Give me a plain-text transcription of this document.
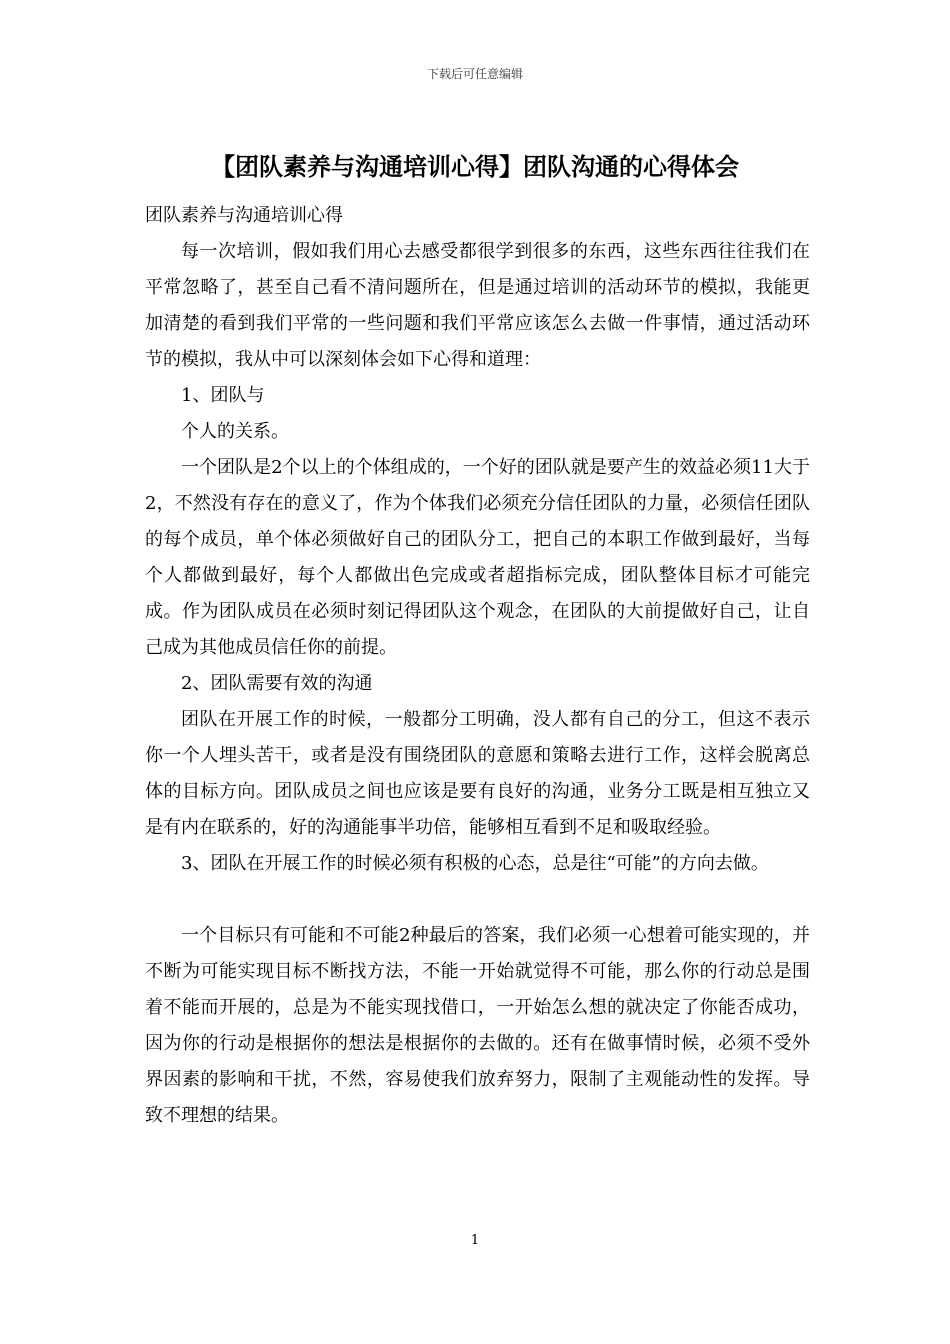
下载后可任意编辑
【团队素养与沟通培训心得】团队沟通的心得体会

团队素养与沟通培训心得

每一次培训，假如我们用心去感受都很学到很多的东西，这些东西往往我们在平常忽略了，甚至自己看不清问题所在，但是通过培训的活动环节的模拟，我能更加清楚的看到我们平常的一些问题和我们平常应该怎么去做一件事情，通过活动环节的模拟，我从中可以深刻体会如下心得和道理：

1、团队与

个人的关系。

一个团队是2个以上的个体组成的，一个好的团队就是要产生的效益必须11大于2，不然没有存在的意义了，作为个体我们必须充分信任团队的力量，必须信任团队的每个成员，单个体必须做好自己的团队分工，把自己的本职工作做到最好，当每个人都做到最好，每个人都做出色完成或者超指标完成，团队整体目标才可能完成。作为团队成员在必须时刻记得团队这个观念，在团队的大前提做好自己，让自己成为其他成员信任你的前提。

2、团队需要有效的沟通

团队在开展工作的时候，一般都分工明确，没人都有自己的分工，但这不表示你一个人埋头苦干，或者是没有围绕团队的意愿和策略去进行工作，这样会脱离总体的目标方向。团队成员之间也应该是要有良好的沟通，业务分工既是相互独立又是有内在联系的，好的沟通能事半功倍，能够相互看到不足和吸取经验。

3、团队在开展工作的时候必须有积极的心态，总是往“可能”的方向去做。

一个目标只有可能和不可能2种最后的答案，我们必须一心想着可能实现的，并不断为可能实现目标不断找方法，不能一开始就觉得不可能，那么你的行动总是围着不能而开展的，总是为不能实现找借口，一开始怎么想的就决定了你能否成功，因为你的行动是根据你的想法是根据你的去做的。还有在做事情时候，必须不受外界因素的影响和干扰，不然，容易使我们放弃努力，限制了主观能动性的发挥。导致不理想的结果。

1
